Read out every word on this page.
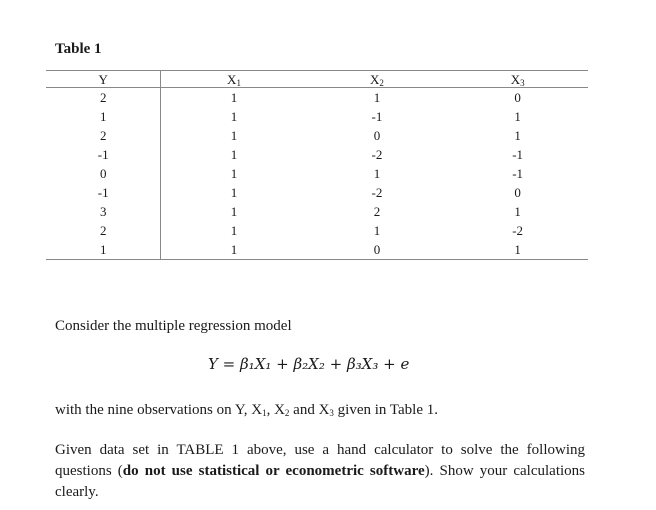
Table 1
Y	$X_1$	$X_2$	$X_3$
2	1	1	0
1	1	-1	1
2	1	0	1
-1	1	-2	-1
0	1	1	-1
-1	1	-2	0
3	1	2	1
2	1	1	-2
1	1	0	1
Consider the multiple regression model
Y = β₁X₁ + β₂X₂ + β₃X₃ + e
with the nine observations on Y, $X_1$, $X_2$ and $X_3$ given in Table 1.
Given data set in TABLE 1 above, use a hand calculator to solve the following questions (do not use statistical or econometric software). Show your calculations clearly.
